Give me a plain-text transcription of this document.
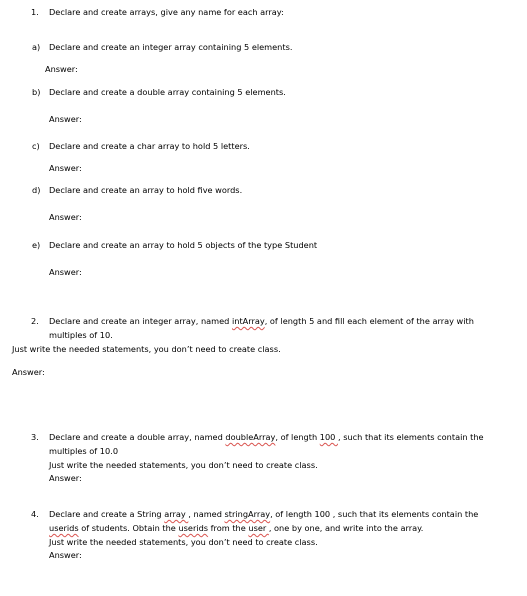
1. Declare and create arrays, give any name for each array:
a) Declare and create an integer array containing 5 elements.
Answer:
b) Declare and create a double array containing 5 elements.
Answer:
c) Declare and create a char array to hold 5 letters.
Answer:
d) Declare and create an array to hold five words.
Answer:
e) Declare and create an array to hold 5 objects of the type Student
Answer:
2. Declare and create an integer array, named intArray, of length 5 and fill each element of the array with
multiples of 10.
Just write the needed statements, you don’t need to create class.
Answer:
3. Declare and create a double array, named doubleArray, of length 100 , such that its elements contain the
multiples of 10.0
Just write the needed statements, you don’t need to create class.
Answer:
4. Declare and create a String array , named stringArray, of length 100 , such that its elements contain the
userids of students. Obtain the userids from the user , one by one, and write into the array.
Just write the needed statements, you don’t need to create class.
Answer:
